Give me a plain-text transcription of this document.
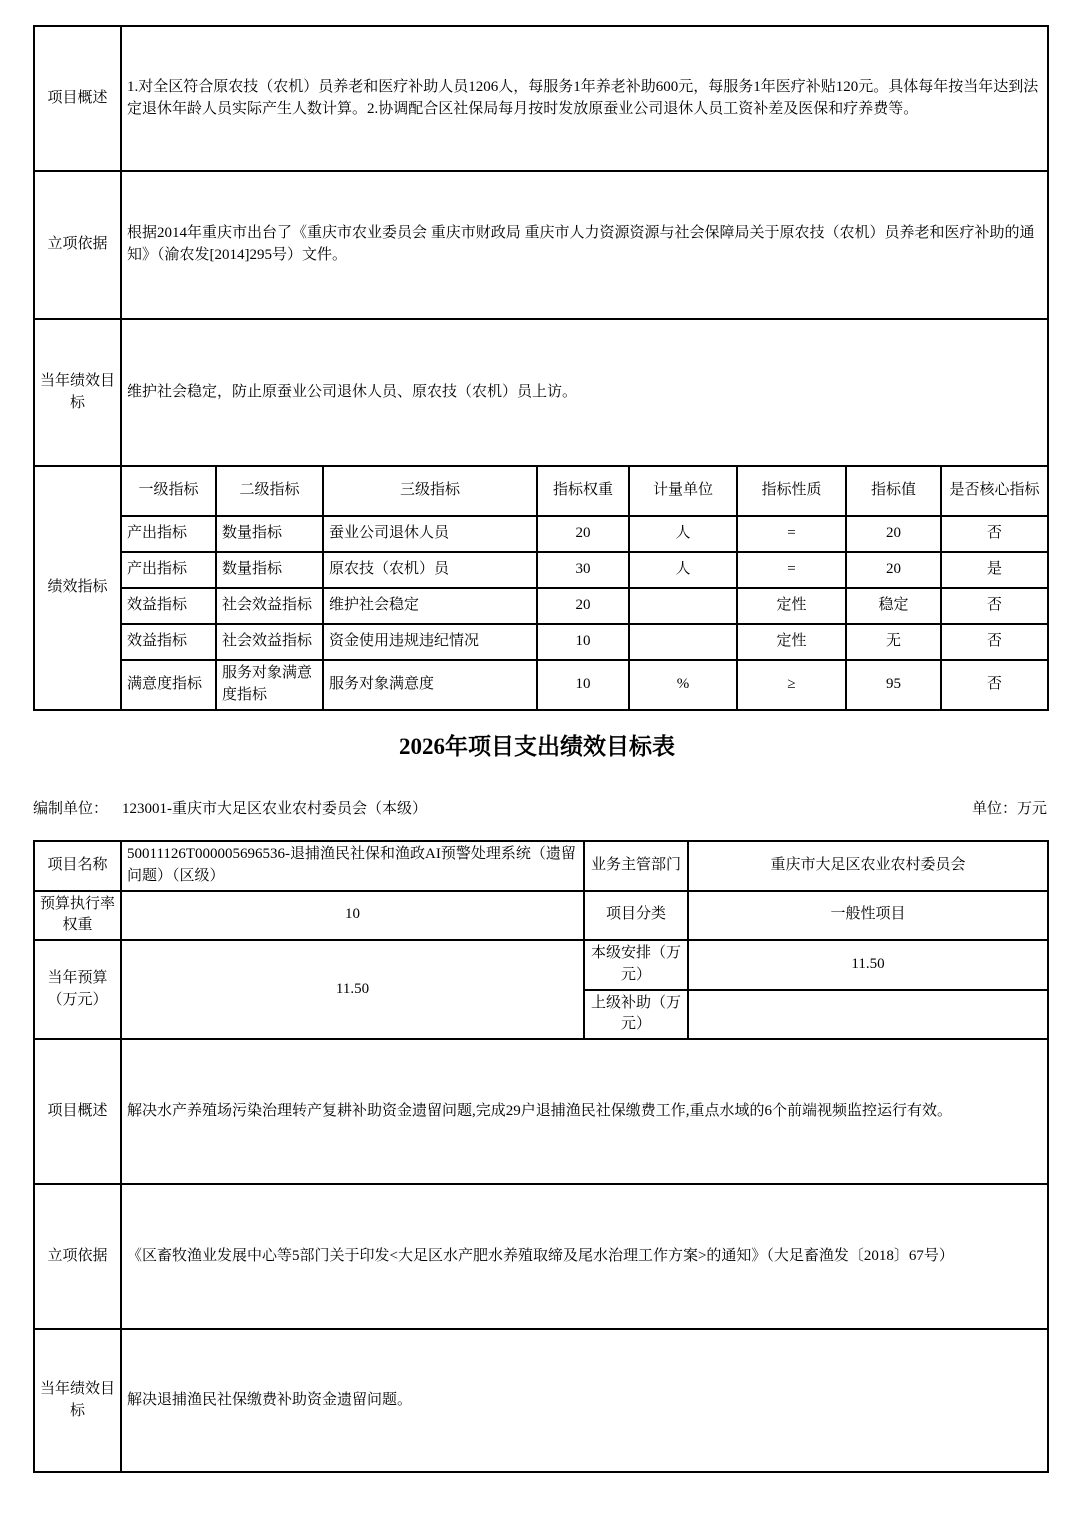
项目概述	1.对全区符合原农技（农机）员养老和医疗补助人员1206人，每服务1年养老补助600元，每服务1年医疗补贴120元。具体每年按当年达到法定退休年龄人员实际产生人数计算。2.协调配合区社保局每月按时发放原蚕业公司退休人员工资补差及医保和疗养费等。							
立项依据	根据2014年重庆市出台了《重庆市农业委员会 重庆市财政局 重庆市人力资源资源与社会保障局关于原农技（农机）员养老和医疗补助的通知》（渝农发[2014]295号）文件。							
当年绩效目标	维护社会稳定，防止原蚕业公司退休人员、原农技（农机）员上访。							
绩效指标	一级指标	二级指标	三级指标	指标权重	计量单位	指标性质	指标值	是否核心指标
	产出指标	数量指标	蚕业公司退休人员	20	人	=	20	否
	产出指标	数量指标	原农技（农机）员	30	人	=	20	是
	效益指标	社会效益指标	维护社会稳定	20		定性	稳定	否
	效益指标	社会效益指标	资金使用违规违纪情况	10		定性	无	否
	满意度指标	服务对象满意度指标	服务对象满意度	10	%	≥	95	否
2026年项目支出绩效目标表
编制单位： 123001-重庆市大足区农业农村委员会（本级）	单位：万元
项目名称	50011126T000005696536-退捕渔民社保和渔政AI预警处理系统（遗留问题）（区级）	业务主管部门	重庆市大足区农业农村委员会
预算执行率权重	10	项目分类	一般性项目
当年预算（万元）	11.50	本级安排（万元）	11.50
		上级补助（万元）	
项目概述	解决水产养殖场污染治理转产复耕补助资金遗留问题,完成29户退捕渔民社保缴费工作,重点水域的6个前端视频监控运行有效。		
立项依据	《区畜牧渔业发展中心等5部门关于印发<大足区水产肥水养殖取缔及尾水治理工作方案>的通知》（大足畜渔发〔2018〕67号）		
当年绩效目标	解决退捕渔民社保缴费补助资金遗留问题。		
